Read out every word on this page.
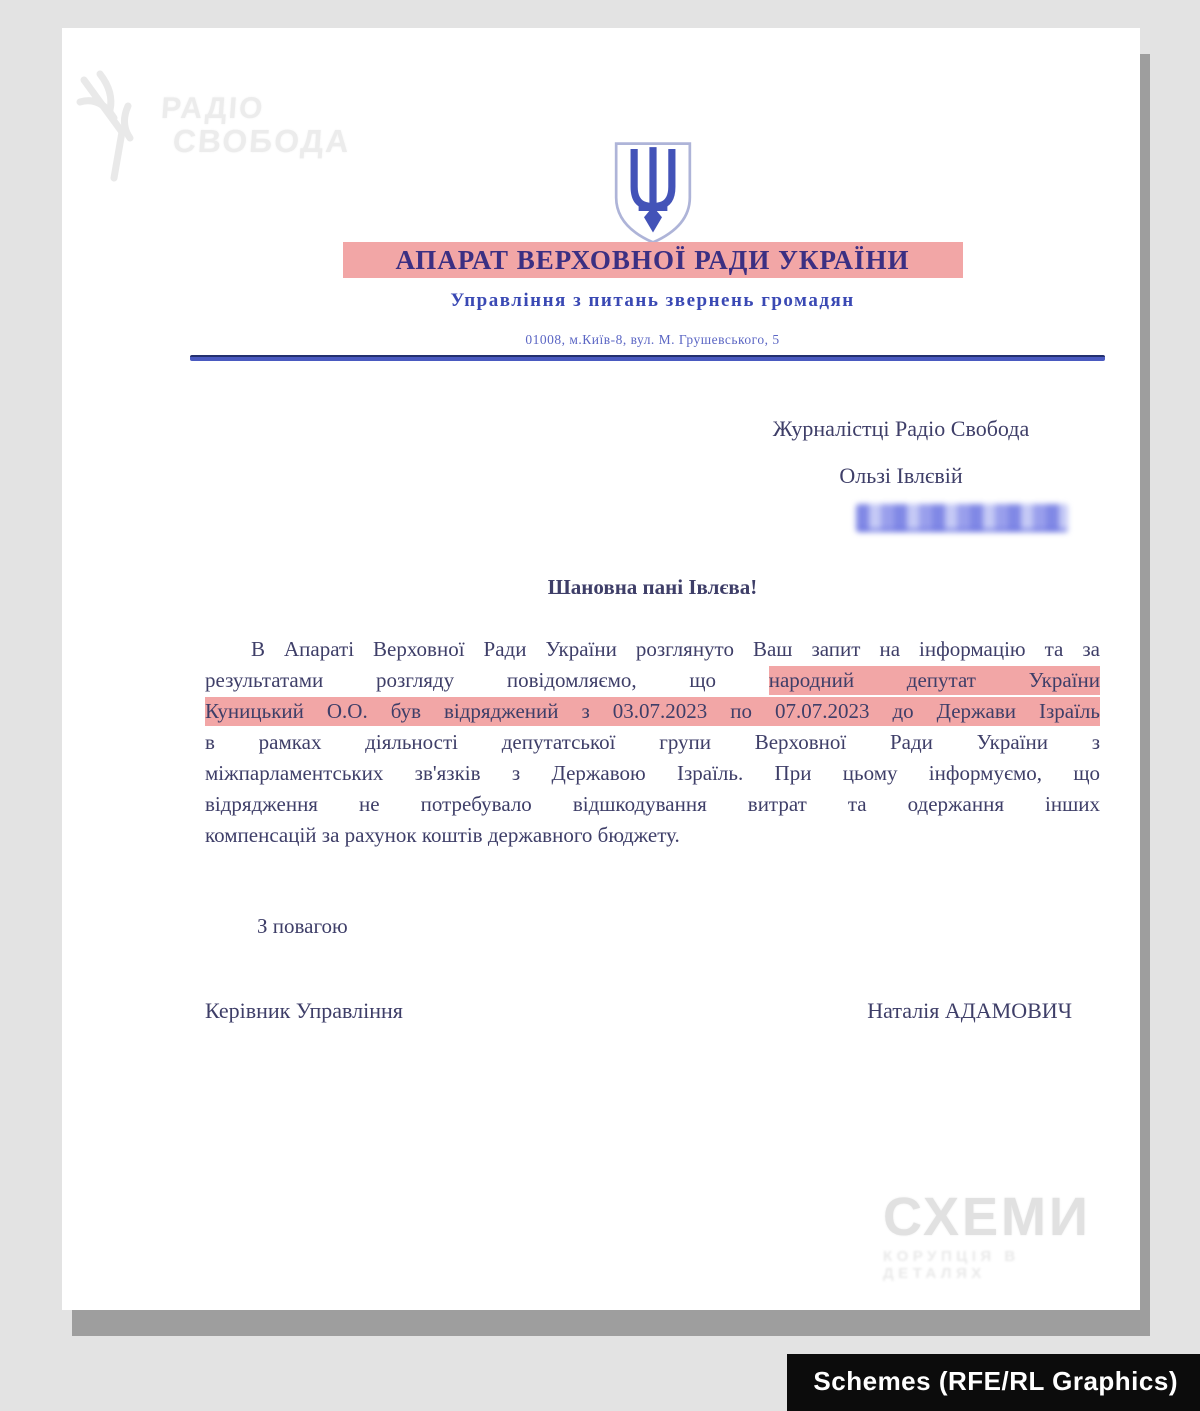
РАДІО
СВОБОДА
АПАРАТ ВЕРХОВНОЇ РАДИ УКРАЇНИ
Управління з питань звернень громадян
01008, м.Київ-8, вул. М. Грушевського, 5
Журналістці Радіо Свобода
Ользі Івлєвій
Шановна пані Івлєва!
В Апараті Верховної Ради України розглянуто Ваш запит на інформацію та за
результатами розгляду повідомляємо, що народний депутат України
Куницький О.О. був відряджений з 03.07.2023 по 07.07.2023 до Держави Ізраїль
в рамках діяльності депутатської групи Верховної Ради України з
міжпарламентських зв'язків з Державою Ізраїль. При цьому інформуємо, що
відрядження не потребувало відшкодування витрат та одержання інших
компенсацій за рахунок коштів державного бюджету.
З повагою
Керівник Управління	Наталія АДАМОВИЧ
СХЕМИ
КОРУПЦІЯ В ДЕТАЛЯХ
Schemes (RFE/RL Graphics)
